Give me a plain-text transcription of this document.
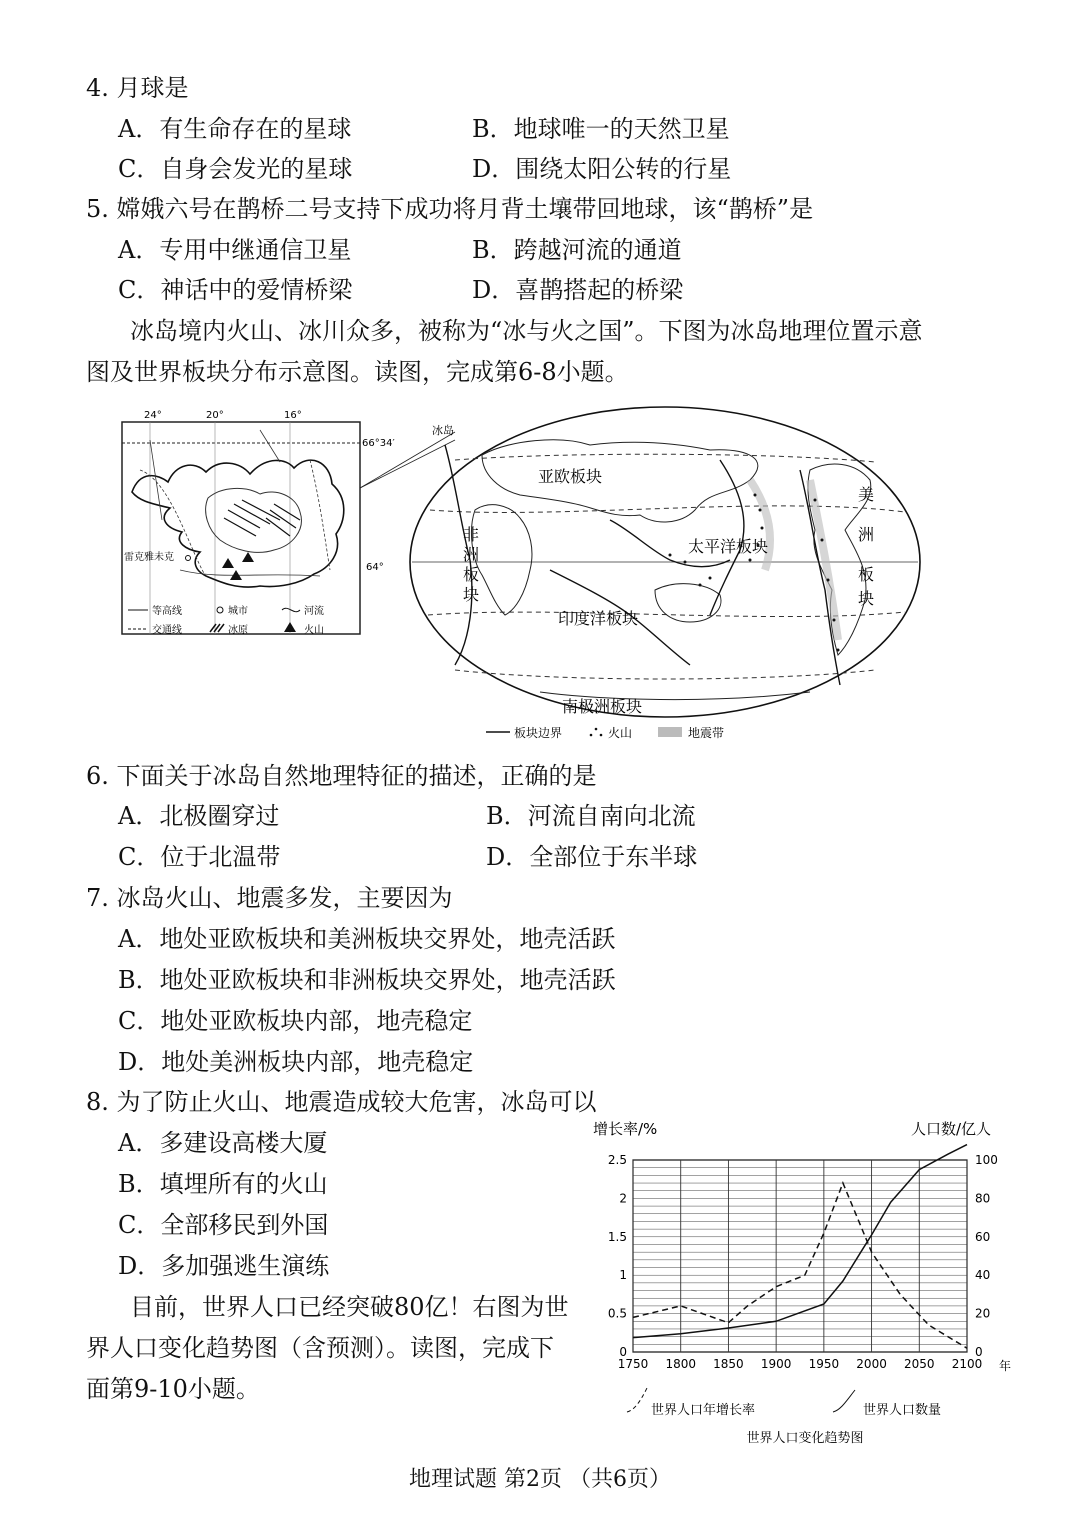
4. 月球是
A．有生命存在的星球	B．地球唯一的天然卫星
C．自身会发光的星球	D．围绕太阳公转的行星
5. 嫦娥六号在鹊桥二号支持下成功将月背土壤带回地球，该“鹊桥”是
A．专用中继通信卫星	B．跨越河流的通道
C．神话中的爱情桥梁	D．喜鹊搭起的桥梁
冰岛境内火山、冰川众多，被称为“冰与火之国”。下图为冰岛地理位置示意
图及世界板块分布示意图。读图，完成第6-8小题。
24°	20°	16°
66°34′
64°
雷克雅未克
等高线	城市	河流
交通线	冰原	火山
冰岛
亚欧板块
非
洲
板
块
太平洋板块
印度洋板块
南极洲板块
美
洲
板
块
板块边界	火山	地震带
6. 下面关于冰岛自然地理特征的描述，正确的是
A．北极圈穿过	B．河流自南向北流
C．位于北温带	D．全部位于东半球
7. 冰岛火山、地震多发，主要因为
A．地处亚欧板块和美洲板块交界处，地壳活跃
B．地处亚欧板块和非洲板块交界处，地壳活跃
C．地处亚欧板块内部，地壳稳定
D．地处美洲板块内部，地壳稳定
8. 为了防止火山、地震造成较大危害，冰岛可以
A．多建设高楼大厦
B．填埋所有的火山
C．全部移民到外国
D．多加强逃生演练
目前，世界人口已经突破80亿！右图为世
界人口变化趋势图（含预测）。读图，完成下
面第9-10小题。
增长率/%	人口数/亿人
1750 1800 1850 1900 1950 2000 2050 2100
0
0.5
1
1.5
2
2.5
0
20
40
60
80
100
年
世界人口年增长率	世界人口数量
世界人口变化趋势图
地理试题 第2页 （共6页）
